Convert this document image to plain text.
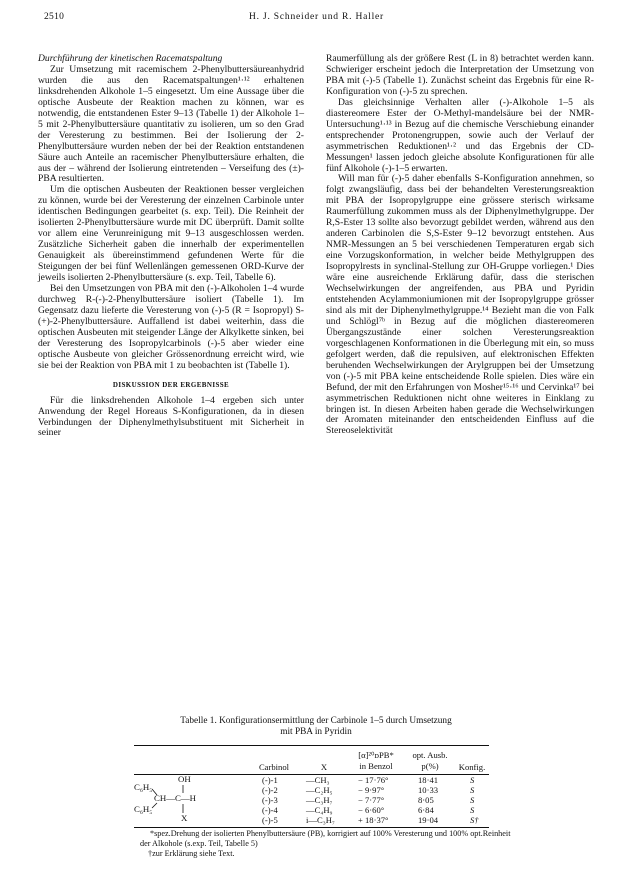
2510	H. J. Schneider und R. Haller

Durchführung der kinetischen Racematspaltung

Zur Umsetzung mit racemischem 2-Phenylbuttersäureanhydrid wurden die aus den Racematspaltungen¹·¹² erhaltenen linksdrehenden Alkohole 1–5 eingesetzt. Um eine Aussage über die optische Ausbeute der Reaktion machen zu können, war es notwendig, die entstandenen Ester 9–13 (Tabelle 1) der Alkohole 1–5 mit 2-Phenylbuttersäure quantitativ zu isolieren, um so den Grad der Veresterung zu bestimmen. Bei der Isolierung der 2-Phenylbuttersäure wurden neben der bei der Reaktion entstandenen Säure auch Anteile an racemischer Phenylbuttersäure erhalten, die aus der – während der Isolierung eintretenden – Verseifung des (±)-PBA resultierten.

Um die optischen Ausbeuten der Reaktionen besser vergleichen zu können, wurde bei der Veresterung der einzelnen Carbinole unter identischen Bedingungen gearbeitet (s. exp. Teil). Die Reinheit der isolierten 2-Phenylbuttersäure wurde mit DC überprüft. Damit sollte vor allem eine Verunreinigung mit 9–13 ausgeschlossen werden. Zusätzliche Sicherheit gaben die innerhalb der experimentellen Genauigkeit als übereinstimmend gefundenen Werte für die Steigungen der bei fünf Wellenlängen gemessenen ORD-Kurve der jeweils isolierten 2-Phenylbuttersäure (s. exp. Teil, Tabelle 6).

Bei den Umsetzungen von PBA mit den (-)-Alkoholen 1–4 wurde durchweg R-(-)-2-Phenylbuttersäure isoliert (Tabelle 1). Im Gegensatz dazu lieferte die Veresterung von (-)-5 (R = Isopropyl) S-(+)-2-Phenylbuttersäure. Auffallend ist dabei weiterhin, dass die optischen Ausbeuten mit steigender Länge der Alkylkette sinken, bei der Veresterung des Isopropylcarbinols (-)-5 aber wieder eine optische Ausbeute von gleicher Grössenordnung erreicht wird, wie sie bei der Reaktion von PBA mit 1 zu beobachten ist (Tabelle 1).

DISKUSSION DER ERGEBNISSE

Für die linksdrehenden Alkohole 1–4 ergeben sich unter Anwendung der Regel Horeaus S-Konfigurationen, da in diesen Verbindungen der Diphenylmethylsubstituent mit Sicherheit in seiner

Raumerfüllung als der größere Rest (L in 8) betrachtet werden kann. Schwieriger erscheint jedoch die Interpretation der Umsetzung von PBA mit (-)-5 (Tabelle 1). Zunächst scheint das Ergebnis für eine R-Konfiguration von (-)-5 zu sprechen.

Das gleichsinnige Verhalten aller (-)-Alkohole 1–5 als diastereomere Ester der O-Methyl-mandelsäure bei der NMR-Untersuchung¹·¹³ in Bezug auf die chemische Verschiebung einander entsprechender Protonengruppen, sowie auch der Verlauf der asymmetrischen Reduktionen¹·² und das Ergebnis der CD-Messungen¹ lassen jedoch gleiche absolute Konfigurationen für alle fünf Alkohole (-)-1–5 erwarten.

Will man für (-)-5 daher ebenfalls S-Konfiguration annehmen, so folgt zwangsläufig, dass bei der behandelten Veresterungsreaktion mit PBA der Isopropylgruppe eine grössere sterisch wirksame Raumerfüllung zukommen muss als der Diphenylmethylgruppe. Der R,S-Ester 13 sollte also bevorzugt gebildet werden, während aus den anderen Carbinolen die S,S-Ester 9–12 bevorzugt entstehen. Aus NMR-Messungen an 5 bei verschiedenen Temperaturen ergab sich eine Vorzugskonformation, in welcher beide Methylgruppen des Isopropylrests in synclinal-Stellung zur OH-Gruppe vorliegen.¹ Dies wäre eine ausreichende Erklärung dafür, dass die sterischen Wechselwirkungen der angreifenden, aus PBA und Pyridin entstehenden Acylammoniumionen mit der Isopropylgruppe grösser sind als mit der Diphenylmethylgruppe.¹⁴ Bezieht man die von Falk und Schlögl⁷ᵇ in Bezug auf die möglichen diastereomeren Übergangszustände einer solchen Veresterungsreaktion vorgeschlagenen Konformationen in die Überlegung mit ein, so muss gefolgert werden, daß die repulsiven, auf elektronischen Effekten beruhenden Wechselwirkungen der Arylgruppen bei der Umsetzung von (-)-5 mit PBA keine entscheidende Rolle spielen. Dies wäre ein Befund, der mit den Erfahrungen von Mosher¹⁵·¹⁶ und Cervinka¹⁷ bei asymmetrischen Reduktionen nicht ohne weiteres in Einklang zu bringen ist. In diesen Arbeiten haben gerade die Wechselwirkungen der Aromaten miteinander den entscheidenden Einfluss auf die Stereoselektivität

Tabelle 1. Konfigurationsermittlung der Carbinole 1–5 durch Umsetzung
mit PBA in Pyridin
Carbinol	X
[α]²⁰ᴅPB*
in Benzol
opt. Ausb.
p(%)	Konfig.
OH
C₆H₅
CH—C—H
C₆H₅
X
(-)-1	—CH₃	− 17·76°	18·41	S
(-)-2	—C₂H₅	− 9·97°	10·33	S
(-)-3	—C₃H₇	− 7·77°	8·05	S
(-)-4	—C₄H₉	− 6·60°	6·84	S
(-)-5	i—C₃H₇	+ 18·37°	19·04	S†
*spez.Drehung der isolierten Phenylbuttersäure (PB), korrigiert auf 100% Veresterung und 100% opt.Reinheit der Alkohole (s.exp. Teil, Tabelle 5)
†zur Erklärung siehe Text.
